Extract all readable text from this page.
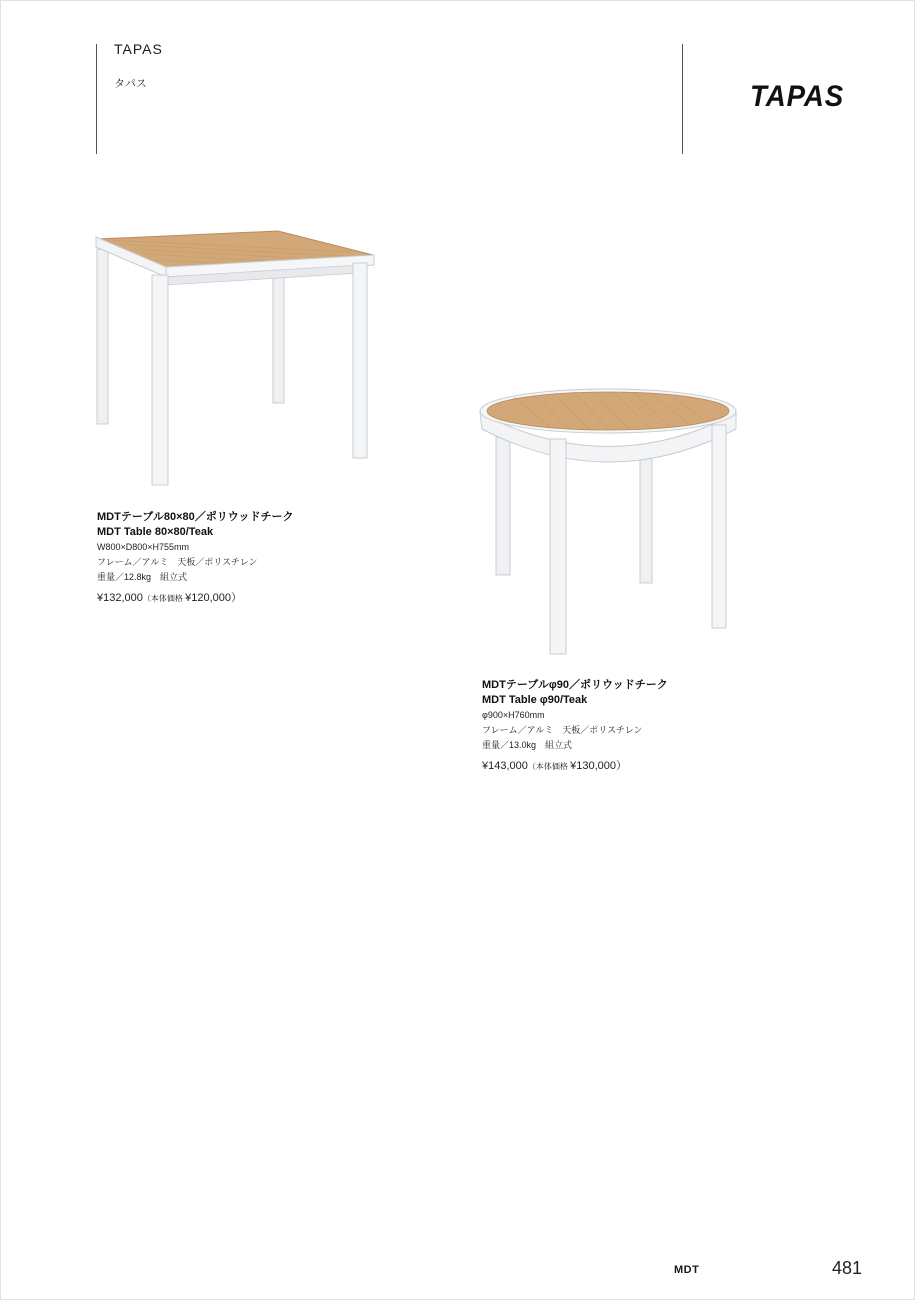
TAPAS
タパス	TAPAS
MDTテーブル80×80／ポリウッドチーク
MDT Table 80×80/Teak
W800×D800×H755mm
フレーム／アルミ　天板／ポリスチレン
重量／12.8kg　組立式
¥132,000（本体価格 ¥120,000）
MDTテーブルφ90／ポリウッドチーク
MDT Table φ90/Teak
φ900×H760mm
フレーム／アルミ　天板／ポリスチレン
重量／13.0kg　組立式
¥143,000（本体価格 ¥130,000）
MDT	481
